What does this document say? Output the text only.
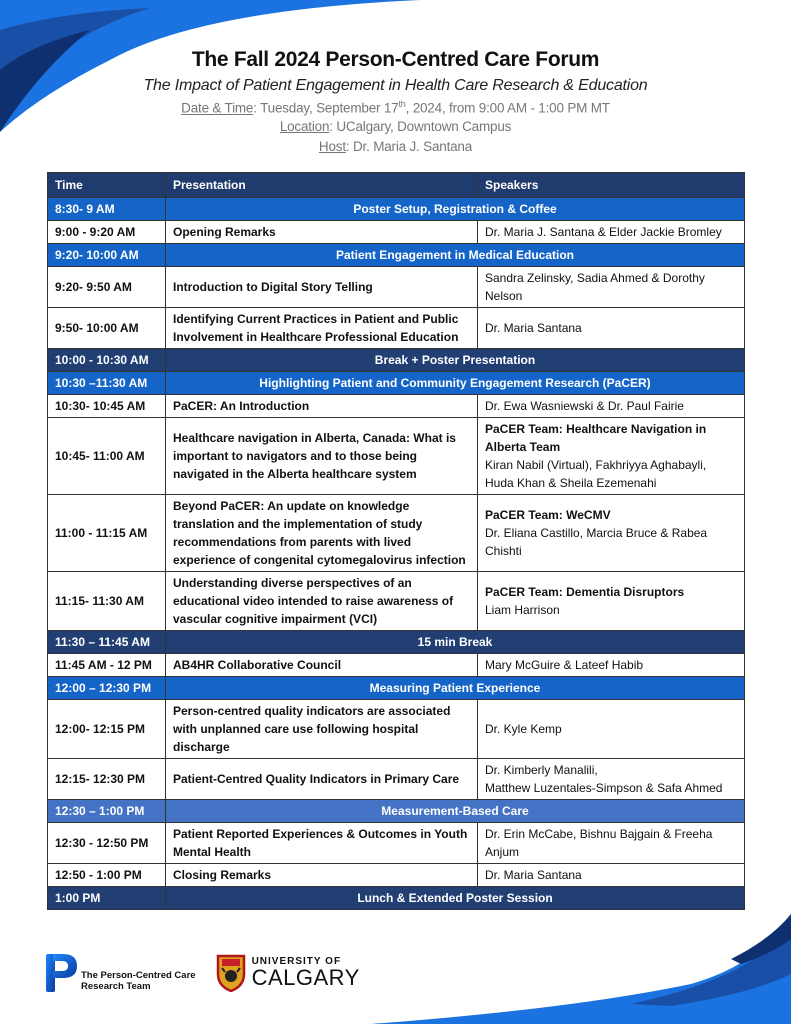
The Fall 2024 Person-Centred Care Forum
The Impact of Patient Engagement in Health Care Research & Education
Date & Time: Tuesday, September 17th, 2024, from 9:00 AM - 1:00 PM MT
Location: UCalgary, Downtown Campus
Host: Dr. Maria J. Santana
Time	Presentation	Speakers
8:30- 9 AM	Poster Setup, Registration & Coffee	
9:00 - 9:20 AM	Opening Remarks	Dr. Maria J. Santana & Elder Jackie Bromley

9:20- 10:00 AM	Patient Engagement in Medical Education	
9:20- 9:50 AM	Introduction to Digital Story Telling	Sandra Zelinsky, Sadia Ahmed & Dorothy Nelson

9:50- 10:00 AM	Identifying Current Practices in Patient and Public Involvement in Healthcare Professional Education	Dr. Maria Santana

10:00 - 10:30 AM	Break + Poster Presentation	
10:30 –11:30 AM	Highlighting Patient and Community Engagement Research (PaCER)	
10:30- 10:45 AM	PaCER: An Introduction	Dr. Ewa Wasniewski & Dr. Paul Fairie

10:45- 11:00 AM	Healthcare navigation in Alberta, Canada: What is important to navigators and to those being navigated in the Alberta healthcare system	PaCER Team: Healthcare Navigation in Alberta Team
Kiran Nabil (Virtual), Fakhriyya Aghabayli, Huda Khan & Sheila Ezemenahi

11:00 - 11:15 AM	Beyond PaCER: An update on knowledge translation and the implementation of study recommendations from parents with lived experience of congenital cytomegalovirus infection	PaCER Team: WeCMV
Dr. Eliana Castillo, Marcia Bruce & Rabea Chishti

11:15- 11:30 AM	Understanding diverse perspectives of an educational video intended to raise awareness of vascular cognitive impairment (VCI)	PaCER Team: Dementia Disruptors
Liam Harrison

11:30 – 11:45 AM	15 min Break	
11:45 AM - 12 PM	AB4HR Collaborative Council	Mary McGuire & Lateef Habib

12:00 – 12:30 PM	Measuring Patient Experience	
12:00- 12:15 PM	Person-centred quality indicators are associated with unplanned care use following hospital discharge	Dr. Kyle Kemp

12:15- 12:30 PM	Patient-Centred Quality Indicators in Primary Care	Dr. Kimberly Manalili,
Matthew Luzentales-Simpson & Safa Ahmed

12:30 – 1:00 PM	Measurement-Based Care	
12:30 - 12:50 PM	Patient Reported Experiences & Outcomes in Youth Mental Health	Dr. Erin McCabe, Bishnu Bajgain & Freeha Anjum

12:50 - 1:00 PM	Closing Remarks	Dr. Maria Santana

1:00 PM	Lunch & Extended Poster Session	
The Person-Centred Care
Research Team
UNIVERSITY OF
CALGARY
